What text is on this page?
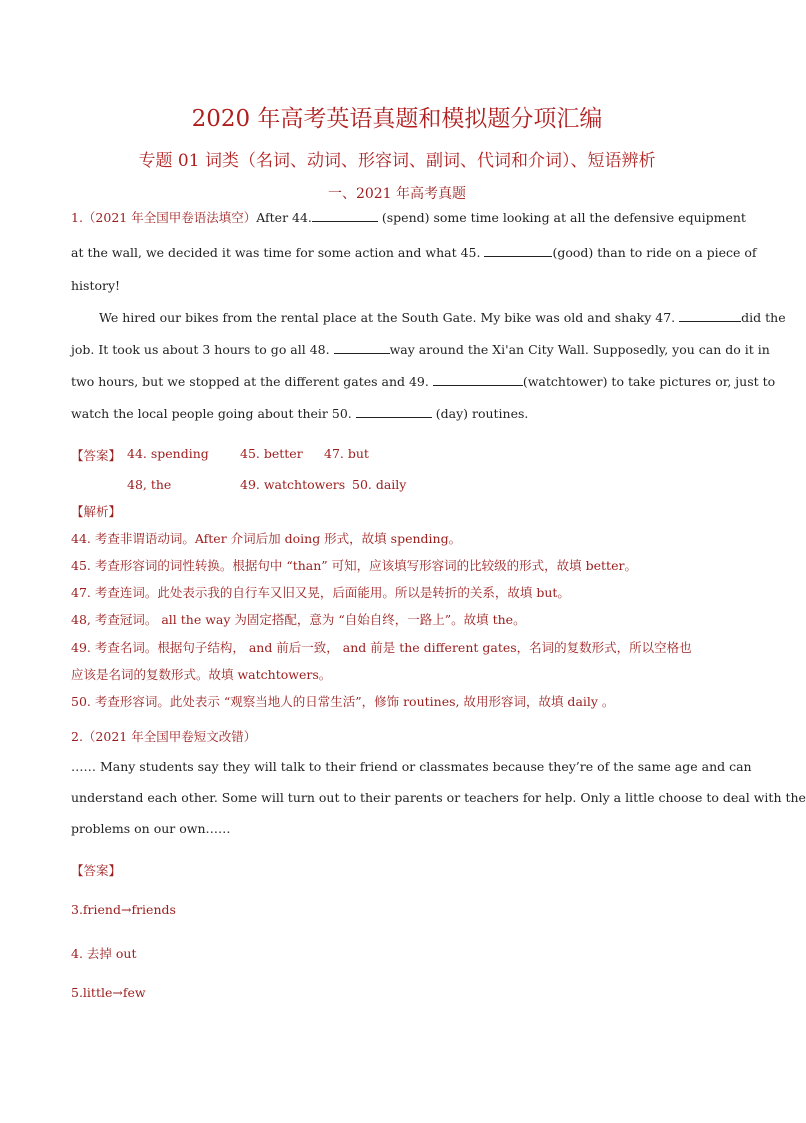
2020 年高考英语真题和模拟题分项汇编
专题 01 词类（名词、动词、形容词、副词、代词和介词）、短语辨析
一、2021 年高考真题
1.（2021 年全国甲卷语法填空）After 44.	(spend) some time looking at all the defensive equipment
at the wall, we decided it was time for some action and what 45.	(good) than to ride on a piece of
history!
We hired our bikes from the rental place at the South Gate. My bike was old and shaky 47.	did the
job. It took us about 3 hours to go all 48.	way around the Xi'an City Wall. Supposedly, you can do it in
two hours, but we stopped at the different gates and 49.	(watchtower) to take pictures or, just to
watch the local people going about their 50.	(day) routines.
【答案】 44. spending 45. better 47. but
48, the	49. watchtowers 50. daily
【解析】
44. 考查非谓语动词。After 介词后加 doing 形式，故填 spending。
45. 考查形容词的词性转换。根据句中 “than” 可知，应该填写形容词的比较级的形式，故填 better。
47. 考查连词。此处表示我的自行车又旧又晃，后面能用。所以是转折的关系，故填 but。
48, 考查冠词。 all the way 为固定搭配，意为 “自始自终，一路上”。故填 the。
49. 考查名词。根据句子结构， and 前后一致， and 前是 the different gates，名词的复数形式，所以空格也
应该是名词的复数形式。故填 watchtowers。
50. 考查形容词。此处表示 “观察当地人的日常生活”，修饰 routines, 故用形容词，故填 daily 。
2.（2021 年全国甲卷短文改错）
…… Many students say they will talk to their friend or classmates because they’re of the same age and can
understand each other. Some will turn out to their parents or teachers for help. Only a little choose to deal with the
problems on our own……
【答案】
3.friend→friends
4. 去掉 out
5.little→few
